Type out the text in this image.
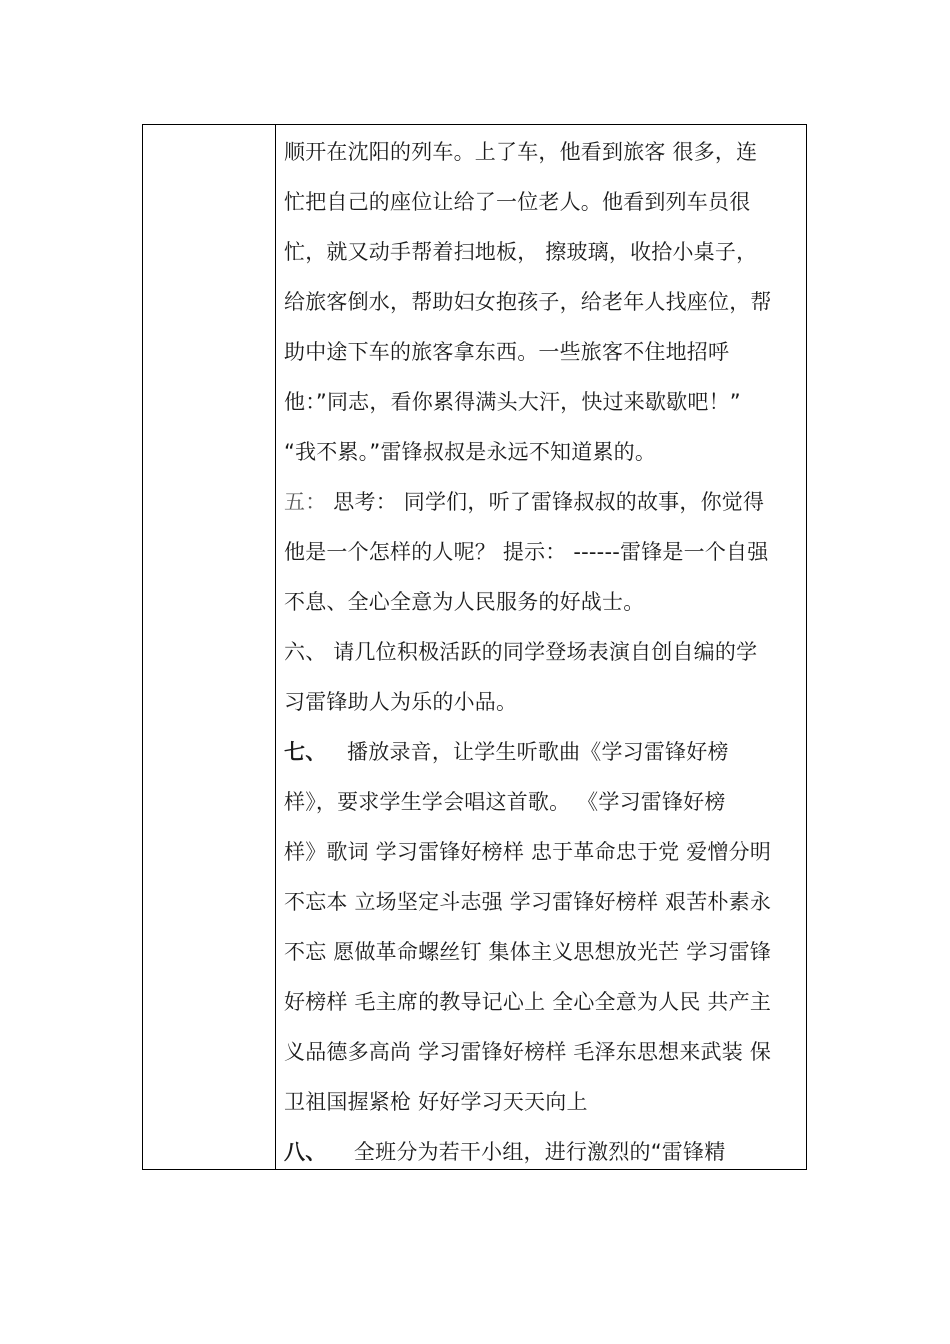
顺开在沈阳的列车。上了车，他看到旅客 很多，连
忙把自己的座位让给了一位老人。他看到列车员很
忙，就又动手帮着扫地板， 擦玻璃，收拾小桌子，
给旅客倒水，帮助妇女抱孩子，给老年人找座位，帮
助中途下车的旅客拿东西。一些旅客不住地招呼
他：”同志，看你累得满头大汗，快过来歇歇吧！”
“我不累。”雷锋叔叔是永远不知道累的。
五： 思考： 同学们，听了雷锋叔叔的故事，你觉得
他是一个怎样的人呢？ 提示： ------雷锋是一个自强
不息、全心全意为人民服务的好战士。
六、 请几位积极活跃的同学登场表演自创自编的学
习雷锋助人为乐的小品。
七、   播放录音，让学生听歌曲《学习雷锋好榜
样》，要求学生学会唱这首歌。 《学习雷锋好榜
样》歌词 学习雷锋好榜样 忠于革命忠于党 爱憎分明
不忘本 立场坚定斗志强 学习雷锋好榜样 艰苦朴素永
不忘 愿做革命螺丝钉 集体主义思想放光芒 学习雷锋
好榜样 毛主席的教导记心上 全心全意为人民 共产主
义品德多高尚 学习雷锋好榜样 毛泽东思想来武装 保
卫祖国握紧枪 好好学习天天向上
八、    全班分为若干小组，进行激烈的“雷锋精
